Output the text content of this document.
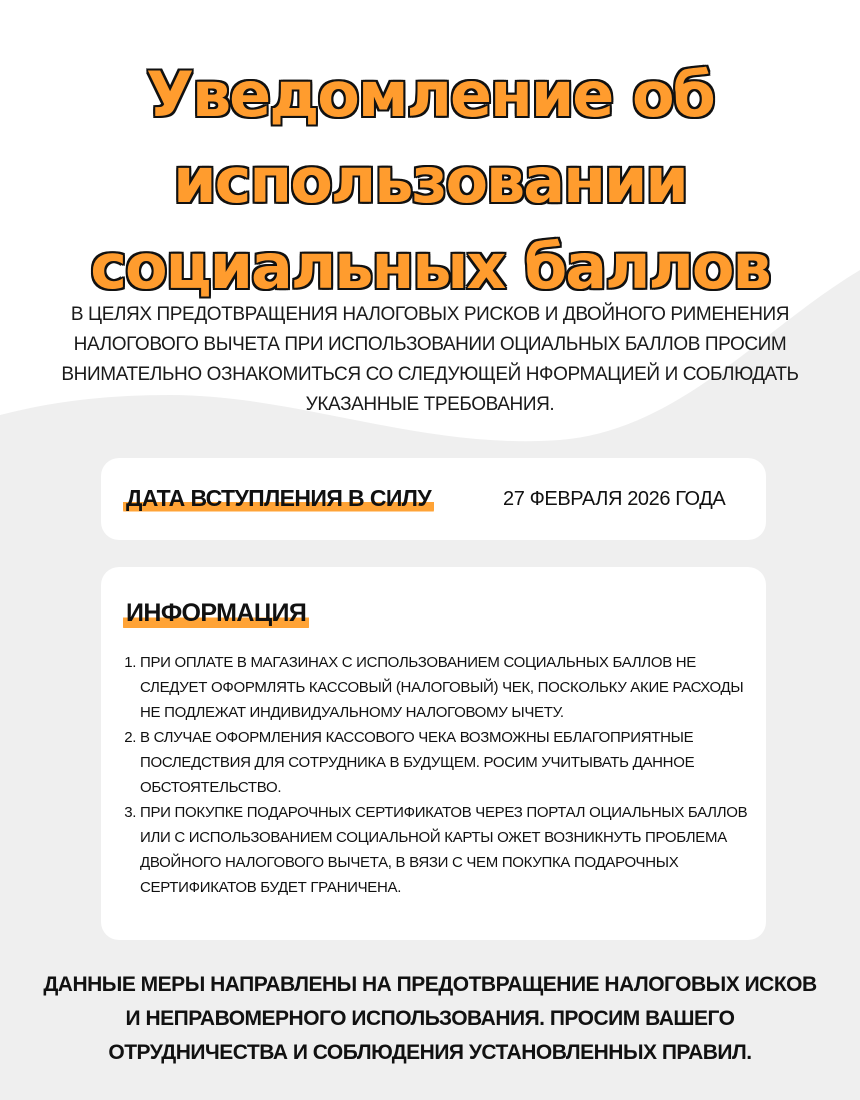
Уведомление об
использовании
социальных баллов

В ЦЕЛЯХ ПРЕДОТВРАЩЕНИЯ НАЛОГОВЫХ РИСКОВ И ДВОЙНОГО РИМЕНЕНИЯ НАЛОГОВОГО ВЫЧЕТА ПРИ ИСПОЛЬЗОВАНИИ ОЦИАЛЬНЫХ БАЛЛОВ ПРОСИМ ВНИМАТЕЛЬНО ОЗНАКОМИТЬСЯ СО СЛЕДУЮЩЕЙ НФОРМАЦИЕЙ И СОБЛЮДАТЬ УКАЗАННЫЕ ТРЕБОВАНИЯ.

ДАТА ВСТУПЛЕНИЯ В СИЛУ	27 ФЕВРАЛЯ 2026 ГОДА
ИНФОРМАЦИЯ
1. ПРИ ОПЛАТЕ В МАГАЗИНАХ С ИСПОЛЬЗОВАНИЕМ СОЦИАЛЬНЫХ БАЛЛОВ НЕ СЛЕДУЕТ ОФОРМЛЯТЬ КАССОВЫЙ (НАЛОГОВЫЙ) ЧЕК, ПОСКОЛЬКУ АКИЕ РАСХОДЫ НЕ ПОДЛЕЖАТ ИНДИВИДУАЛЬНОМУ НАЛОГОВОМУ ЫЧЕТУ.
2. В СЛУЧАЕ ОФОРМЛЕНИЯ КАССОВОГО ЧЕКА ВОЗМОЖНЫ ЕБЛАГОПРИЯТНЫЕ ПОСЛЕДСТВИЯ ДЛЯ СОТРУДНИКА В БУДУЩЕМ. РОСИМ УЧИТЫВАТЬ ДАННОЕ ОБСТОЯТЕЛЬСТВО.
3. ПРИ ПОКУПКЕ ПОДАРОЧНЫХ СЕРТИФИКАТОВ ЧЕРЕЗ ПОРТАЛ ОЦИАЛЬНЫХ БАЛЛОВ ИЛИ С ИСПОЛЬЗОВАНИЕМ СОЦИАЛЬНОЙ КАРТЫ ОЖЕТ ВОЗНИКНУТЬ ПРОБЛЕМА ДВОЙНОГО НАЛОГОВОГО ВЫЧЕТА, В ВЯЗИ С ЧЕМ ПОКУПКА ПОДАРОЧНЫХ СЕРТИФИКАТОВ БУДЕТ ГРАНИЧЕНА.

ДАННЫЕ МЕРЫ НАПРАВЛЕНЫ НА ПРЕДОТВРАЩЕНИЕ НАЛОГОВЫХ ИСКОВ И НЕПРАВОМЕРНОГО ИСПОЛЬЗОВАНИЯ. ПРОСИМ ВАШЕГО ОТРУДНИЧЕСТВА И СОБЛЮДЕНИЯ УСТАНОВЛЕННЫХ ПРАВИЛ.
